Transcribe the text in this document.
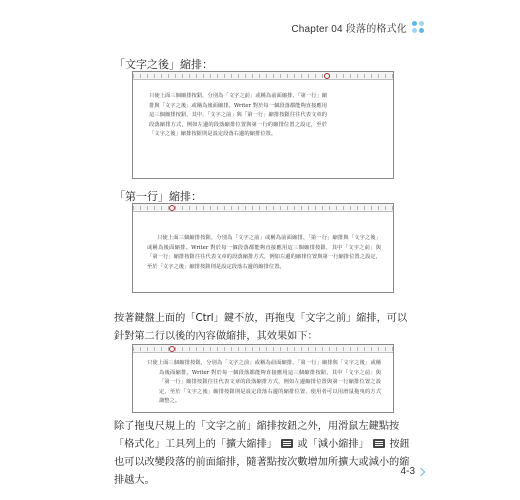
Chapter 04 段落的格式化
「文字之後」縮排：

只使上面三個縮排按鈕，分別為「文字之前」或稱為前面縮排、「第一行」縮排與「文字之後」或稱為後面縮排。Writer 對於每一個段落都能夠直接應用這三個縮排按鈕，其中，「文字之前」與「第一行」縮排按鈕往往代表文章的段落縮排方式，例如左邊的段落縮排位置與第一行的縮排位置之設定，至於「文字之後」縮排按鈕則是設定段落右邊的縮排位置。

「第一行」縮排：

只使上面三個縮排按鈕，分別為「文字之前」或稱為前面縮排、「第一行」縮排與「文字之後」或稱為後面縮排。Writer 對於每一個段落都能夠直接應用這三個縮排按鈕，其中「文字之前」與「第一行」縮排按鈕往往代表文章的段落縮排方式，例如左邊的縮排位置與第一行縮排位置之設定，至於「文字之後」縮排按鈕則是設定段落右邊的縮排位置。

按著鍵盤上面的「Ctrl」鍵不放，再拖曳「文字之前」縮排，可以針對第二行以後的內容做縮排，其效果如下：

只使上面三個縮排按鈕，分別為「文字之前」或稱為前面縮排、「第一行」縮排與「文字之後」或稱為後面縮排。Writer 對於每一個段落都能夠直接應用這三個縮排按鈕，其中「文字之前」與「第一行」縮排按鈕往往代表文章的段落縮排方式，例如左邊縮排位置與第一行縮排位置之設定，至於「文字之後」縮排按鈕則是設定段落右邊的縮排位置，使用者可以用滑鼠拖曳的方式調整之。

除了拖曳尺規上的「文字之前」縮排按鈕之外，用滑鼠左鍵點按「格式化」工具列上的「擴大縮排」 或「減小縮排」 按鈕也可以改變段落的前面縮排，隨著點按次數增加所擴大或減小的縮排越大。
4-3
